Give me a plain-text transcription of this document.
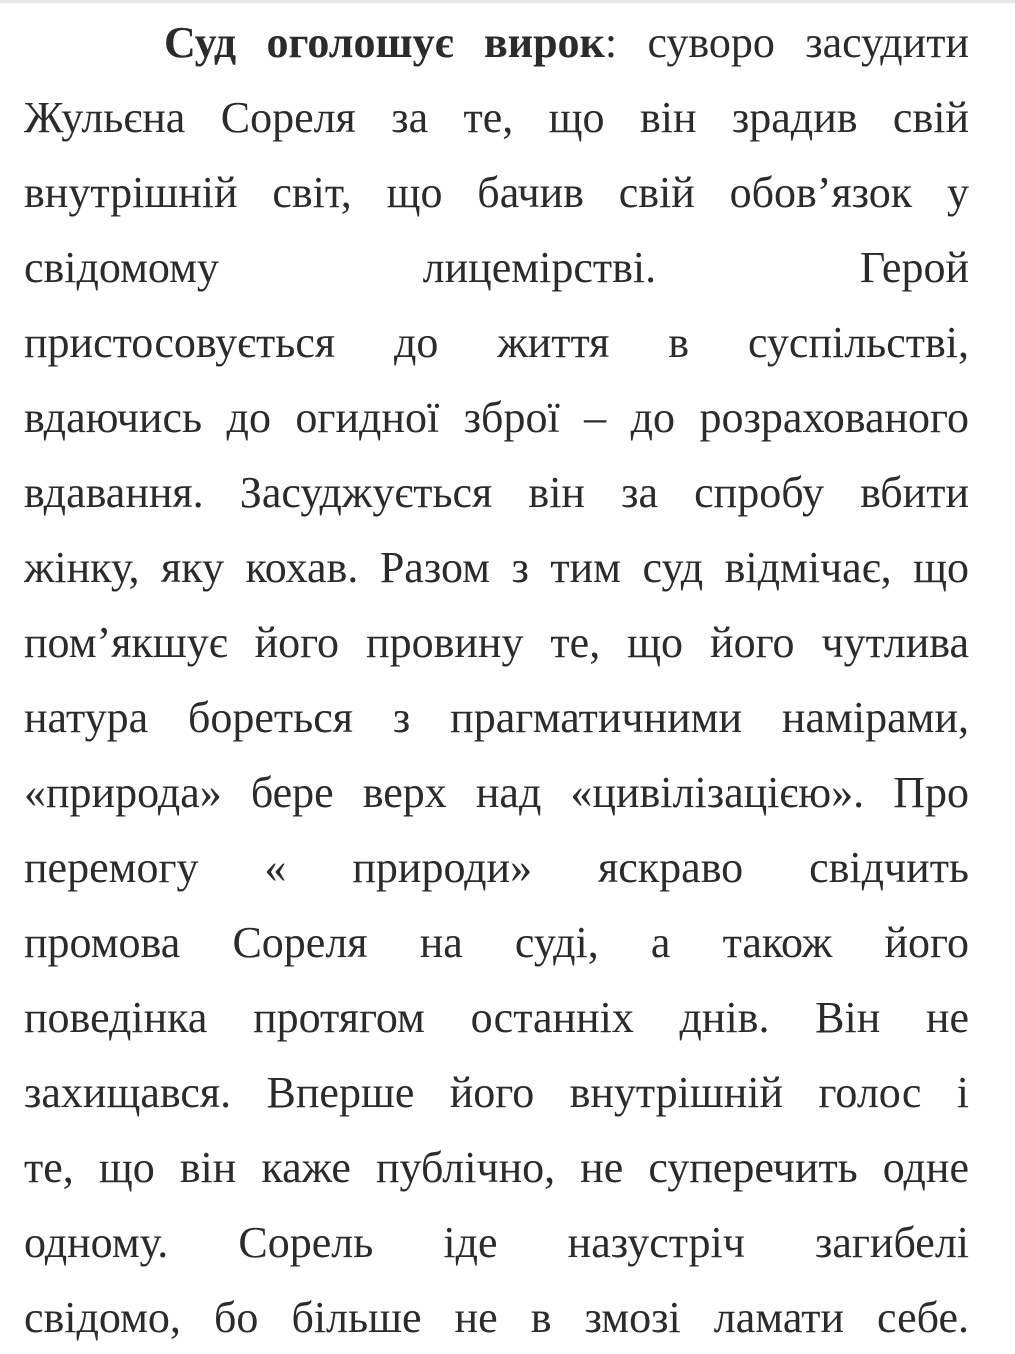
Суд оголошує вирок: суворо засудити
Жульєна Сореля за те, що він зрадив свій
внутрішній світ, що бачив свій обов’язок у
свідомому лицемірстві. Герой
пристосовується до життя в суспільстві,
вдаючись до огидної зброї – до розрахованого
вдавання. Засуджується він за спробу вбити
жінку, яку кохав. Разом з тим суд відмічає, що
пом’якшує його провину те, що його чутлива
натура бореться з прагматичними намірами,
«природа» бере верх над «цивілізацією». Про
перемогу « природи» яскраво свідчить
промова Сореля на суді, а також його
поведінка протягом останніх днів. Він не
захищався. Вперше його внутрішній голос і
те, що він каже публічно, не суперечить одне
одному. Сорель іде назустріч загибелі
свідомо, бо більше не в змозі ламати себе.
